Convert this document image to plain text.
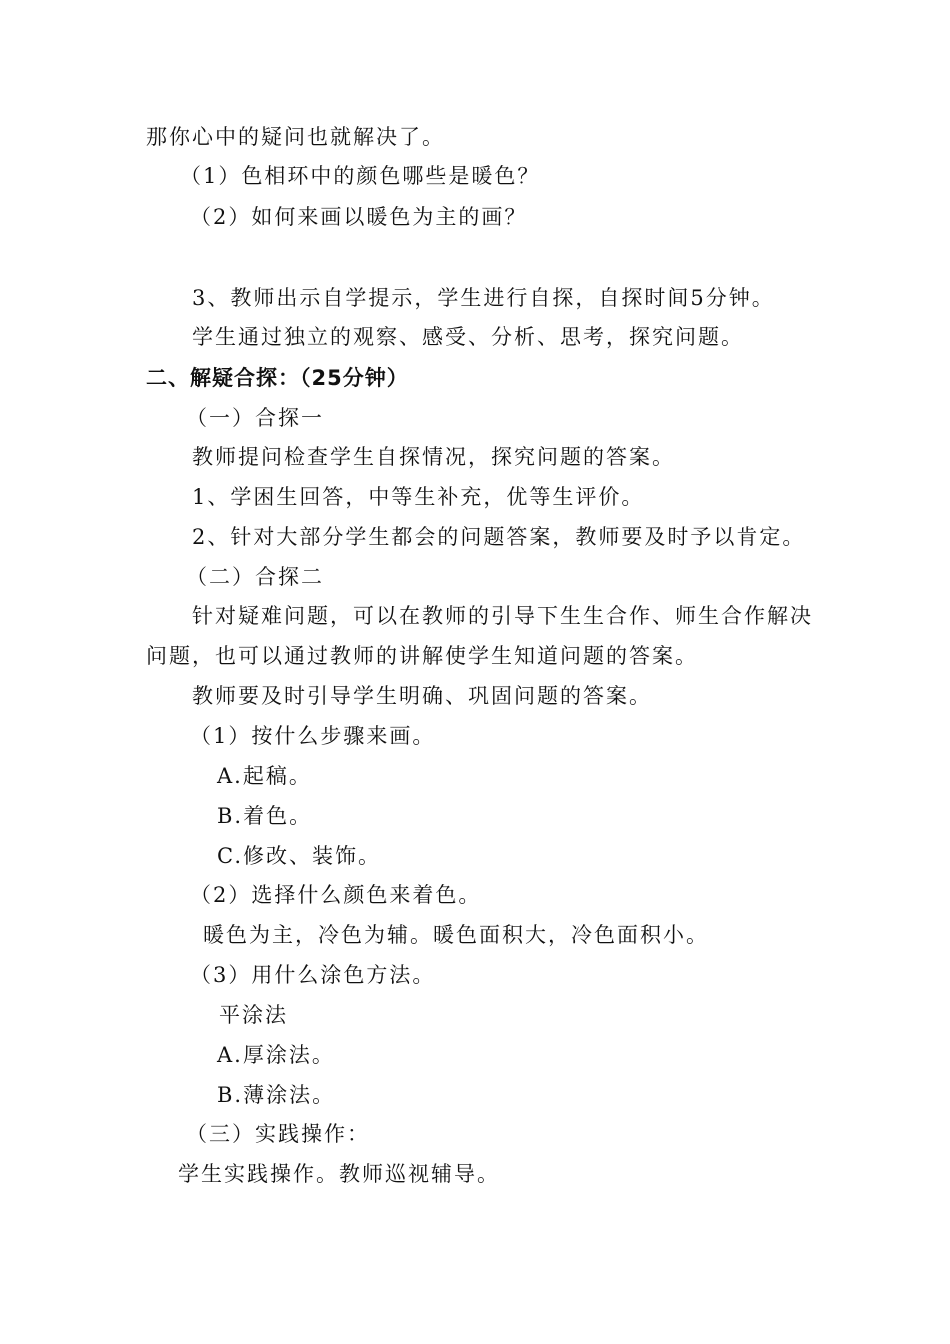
那你心中的疑问也就解决了。
（1）色相环中的颜色哪些是暖色？
（2）如何来画以暖色为主的画？
3、教师出示自学提示，学生进行自探，自探时间5分钟。
学生通过独立的观察、感受、分析、思考，探究问题。
二、解疑合探：（25分钟）
（一）合探一
教师提问检查学生自探情况，探究问题的答案。
1、学困生回答，中等生补充，优等生评价。
2、针对大部分学生都会的问题答案，教师要及时予以肯定。
（二）合探二
针对疑难问题，可以在教师的引导下生生合作、师生合作解决
问题，也可以通过教师的讲解使学生知道问题的答案。
教师要及时引导学生明确、巩固问题的答案。
（1）按什么步骤来画。
A.起稿。
B.着色。
C.修改、装饰。
（2）选择什么颜色来着色。
暖色为主，冷色为辅。暖色面积大，冷色面积小。
（3）用什么涂色方法。
平涂法
A.厚涂法。
B.薄涂法。
（三）实践操作：
学生实践操作。教师巡视辅导。
